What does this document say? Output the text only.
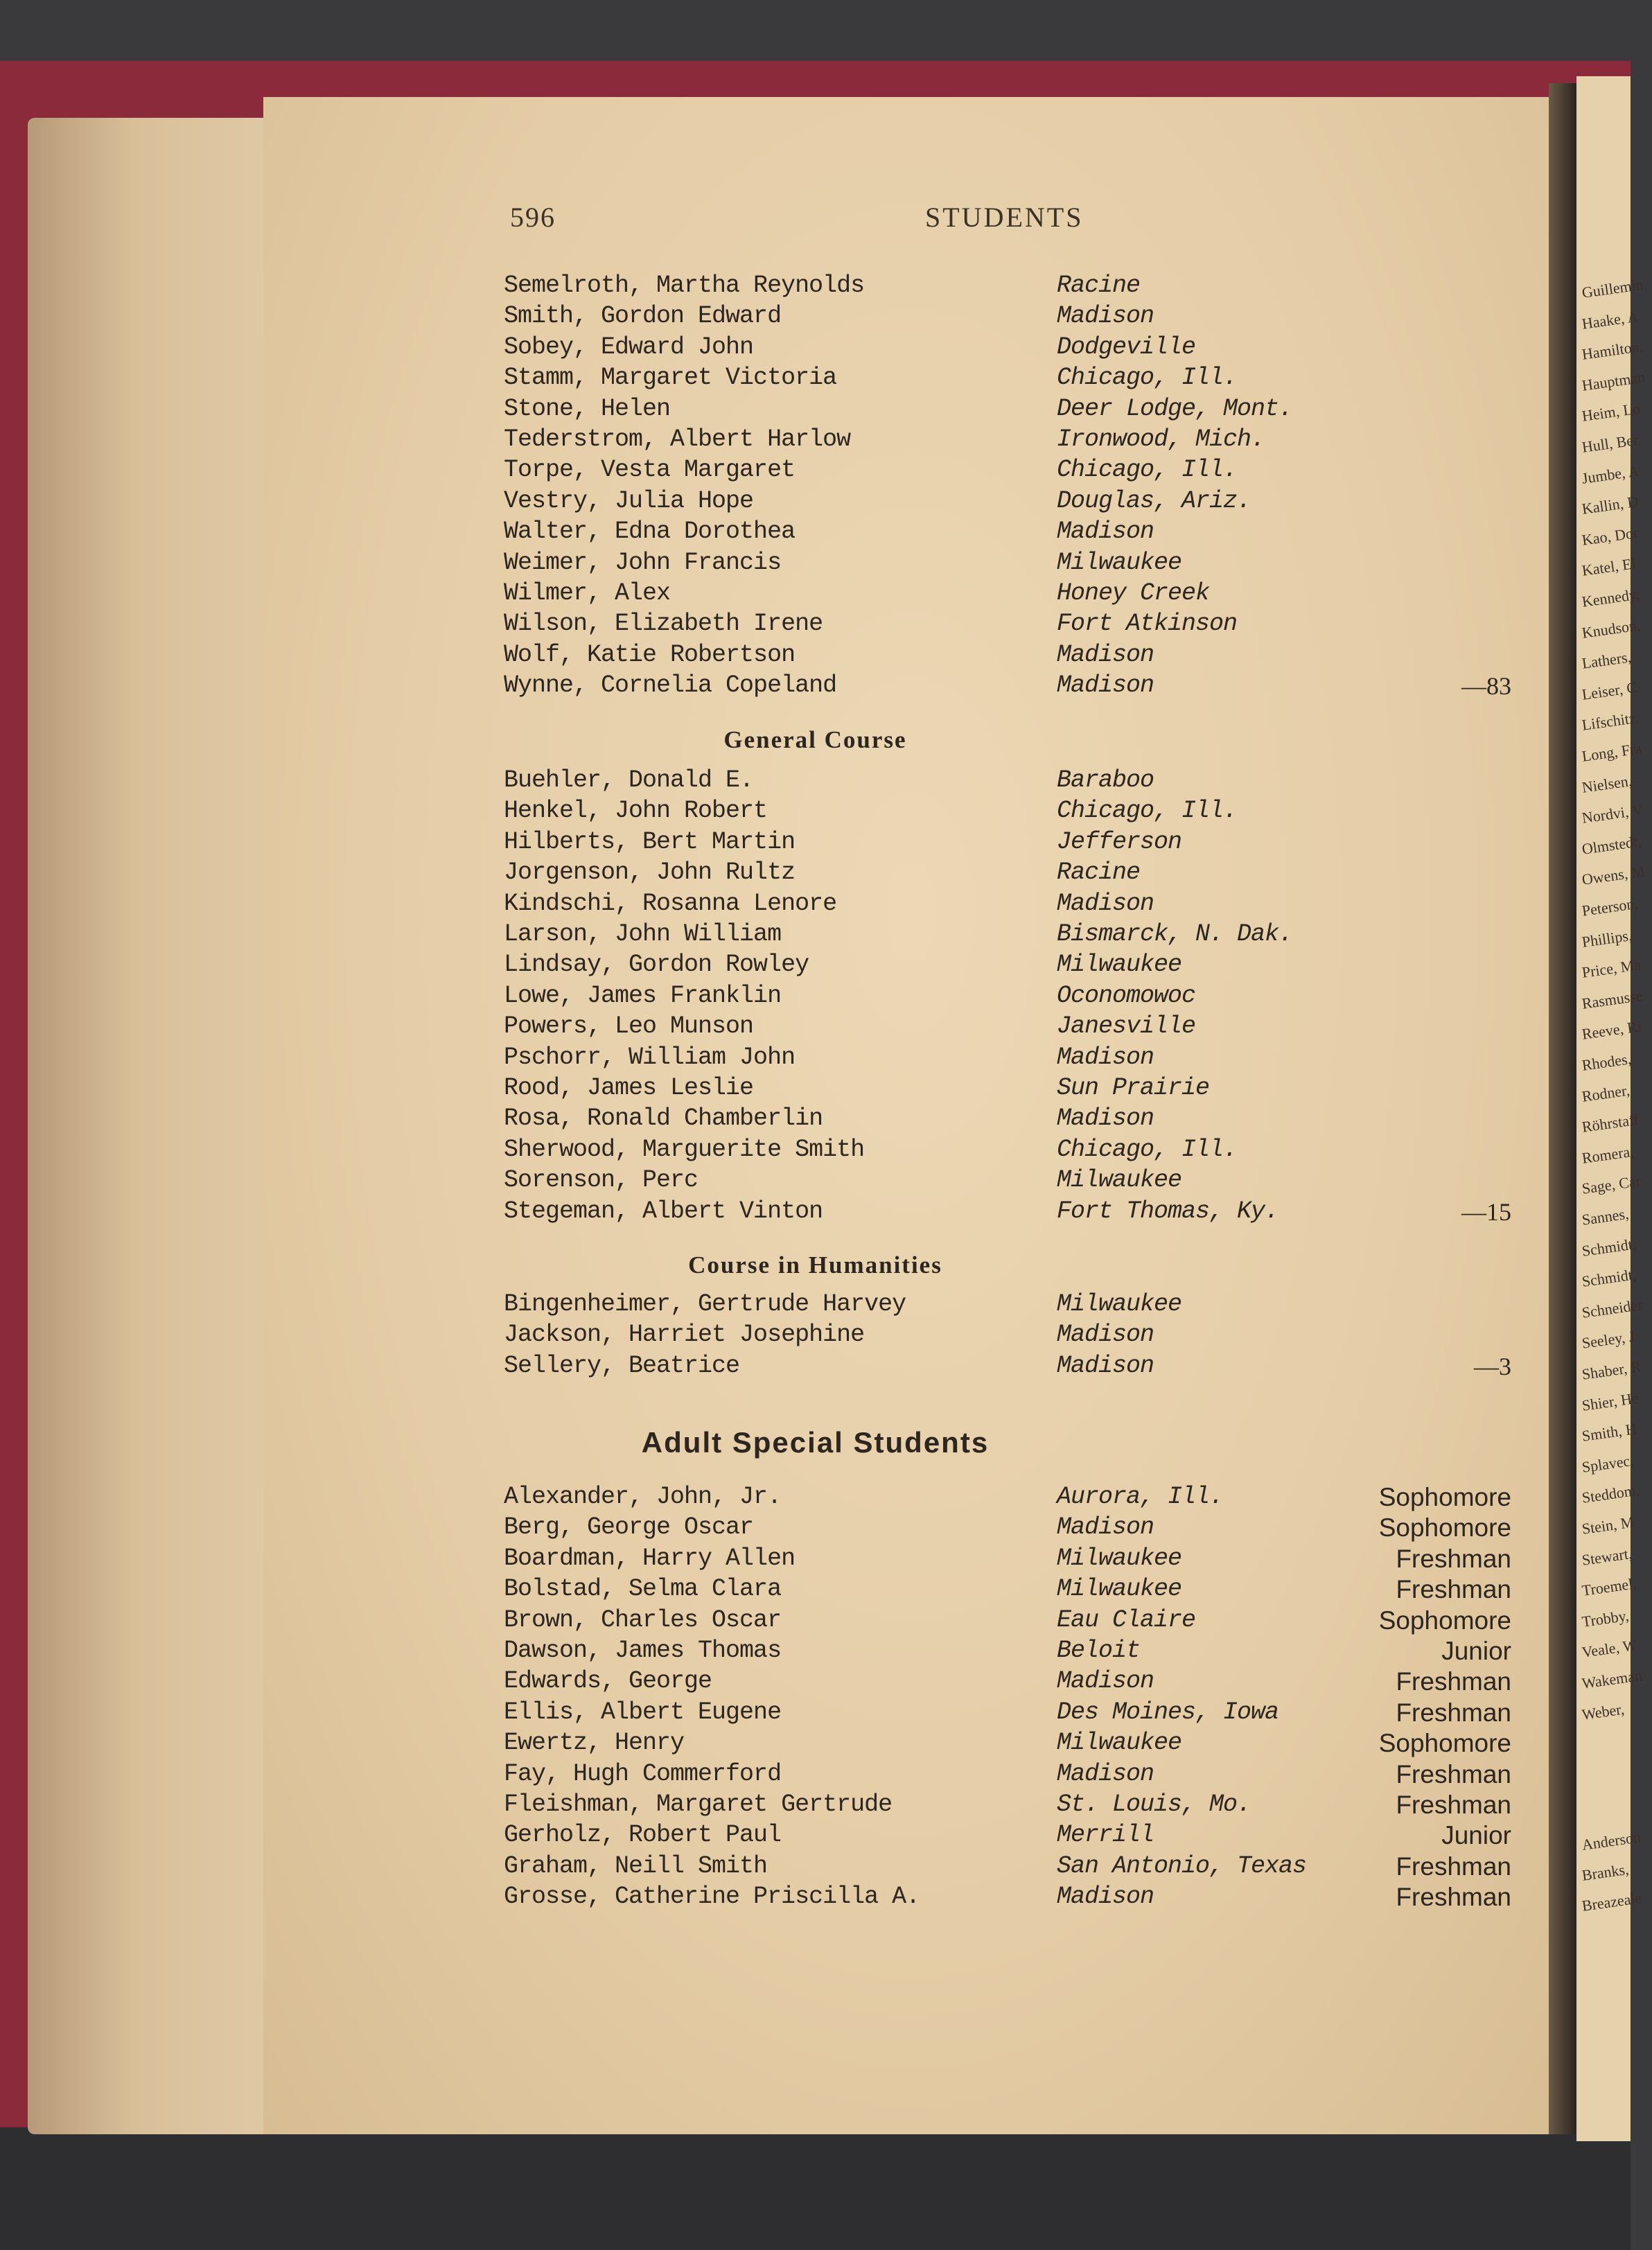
Guillemin,
Haake, A
Hamilton,
Hauptman
Heim, Lo
Hull, Ber
Jumbe, A
Kallin, D
Kao, Dor
Katel, El
Kennedy,
Knudson,
Lathers,
Leiser, C
Lifschitz,
Long, Fra
Nielsen,
Nordvi, V
Olmstedt,
Owens, M
Peterson,
Phillips,
Price, Ma
Rasmusse
Reeve, Ri
Rhodes,
Rodner,
Röhrstaff
Romera,
Sage, Car
Sannes,
Schmidt,
Schmidt,
Schneider
Seeley, J
Shaber, R
Shier, He
Smith, H
Splavec,
Steddom,
Stein, M
Stewart,
Troemel,
Trobby,
Veale, W
Wakeman
Weber,
Anderson
Branks,
Breazeale
596	STUDENTS
Semelroth, Martha Reynolds	Racine
Smith, Gordon Edward	Madison
Sobey, Edward John	Dodgeville
Stamm, Margaret Victoria	Chicago, Ill.
Stone, Helen	Deer Lodge, Mont.
Tederstrom, Albert Harlow	Ironwood, Mich.
Torpe, Vesta Margaret	Chicago, Ill.
Vestry, Julia Hope	Douglas, Ariz.
Walter, Edna Dorothea	Madison
Weimer, John Francis	Milwaukee
Wilmer, Alex	Honey Creek
Wilson, Elizabeth Irene	Fort Atkinson
Wolf, Katie Robertson	Madison
Wynne, Cornelia Copeland	Madison	—83
General Course
Buehler, Donald E.	Baraboo
Henkel, John Robert	Chicago, Ill.
Hilberts, Bert Martin	Jefferson
Jorgenson, John Rultz	Racine
Kindschi, Rosanna Lenore	Madison
Larson, John William	Bismarck, N. Dak.
Lindsay, Gordon Rowley	Milwaukee
Lowe, James Franklin	Oconomowoc
Powers, Leo Munson	Janesville
Pschorr, William John	Madison
Rood, James Leslie	Sun Prairie
Rosa, Ronald Chamberlin	Madison
Sherwood, Marguerite Smith	Chicago, Ill.
Sorenson, Perc	Milwaukee
Stegeman, Albert Vinton	Fort Thomas, Ky.	—15
Course in Humanities
Bingenheimer, Gertrude Harvey	Milwaukee
Jackson, Harriet Josephine	Madison
Sellery, Beatrice	Madison	—3
Adult Special Students
Alexander, John, Jr.	Aurora, Ill.	Sophomore
Berg, George Oscar	Madison	Sophomore
Boardman, Harry Allen	Milwaukee	Freshman
Bolstad, Selma Clara	Milwaukee	Freshman
Brown, Charles Oscar	Eau Claire	Sophomore
Dawson, James Thomas	Beloit	Junior
Edwards, George	Madison	Freshman
Ellis, Albert Eugene	Des Moines, Iowa	Freshman
Ewertz, Henry	Milwaukee	Sophomore
Fay, Hugh Commerford	Madison	Freshman
Fleishman, Margaret Gertrude	St. Louis, Mo.	Freshman
Gerholz, Robert Paul	Merrill	Junior
Graham, Neill Smith	San Antonio, Texas	Freshman
Grosse, Catherine Priscilla A.	Madison	Freshman
